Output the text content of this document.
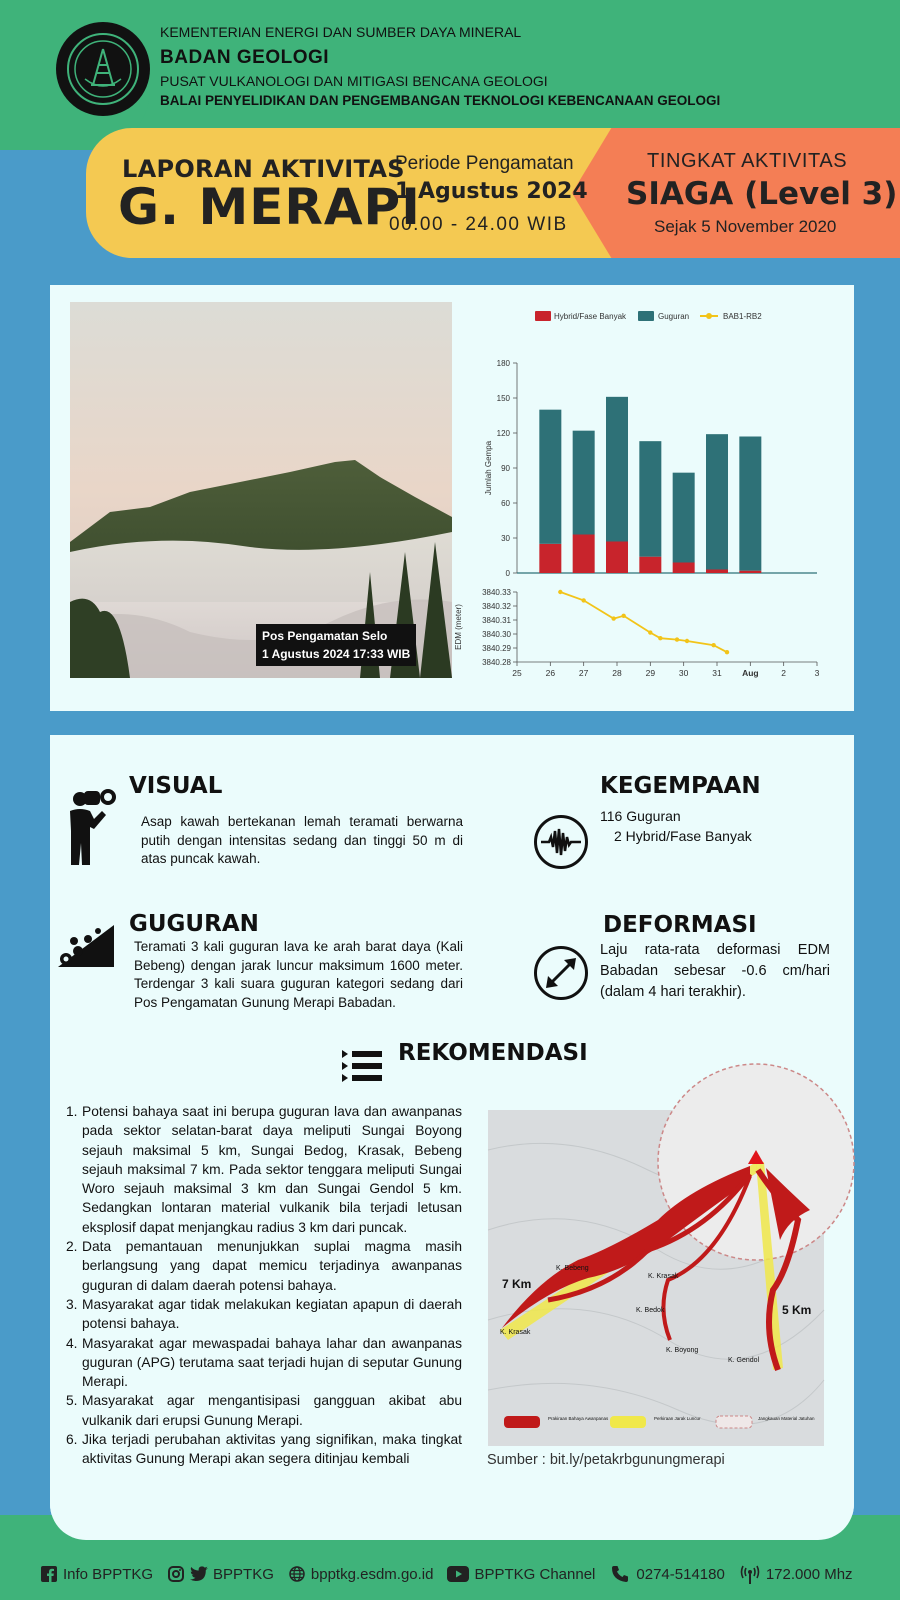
KEMENTERIAN ENERGI DAN SUMBER DAYA MINERAL
BADAN GEOLOGI
PUSAT VULKANOLOGI DAN MITIGASI BENCANA GEOLOGI
BALAI PENYELIDIKAN DAN PENGEMBANGAN TEKNOLOGI KEBENCANAAN GEOLOGI
LAPORAN AKTIVITAS
G. MERAPI
Periode Pengamatan
1 Agustus 2024
00.00 - 24.00 WIB
TINGKAT AKTIVITAS
SIAGA (Level 3)
Sejak 5 November 2020
Pos Pengamatan Selo
1 Agustus 2024 17:33 WIB
Hybrid/Fase Banyak	Guguran	BAB1-RB2
0
30
60
90
120
150
180
Jumlah Gempa
3840.28
3840.29
3840.30
3840.31
3840.32
3840.33
EDM (meter)
25	26	27	28	29	30	31 Aug	2	3
VISUAL
Asap kawah bertekanan lemah teramati berwarna putih dengan intensitas sedang dan tinggi 50 m di atas puncak kawah.
KEGEMPAAN
116 Guguran
2 Hybrid/Fase Banyak
GUGURAN
Teramati 3 kali guguran lava ke arah barat daya (Kali Bebeng) dengan jarak luncur maksimum 1600 meter. Terdengar 3 kali suara guguran kategori sedang dari Pos Pengamatan Gunung Merapi Babadan.
DEFORMASI
Laju rata-rata deformasi EDM Babadan sebesar -0.6 cm/hari (dalam 4 hari terakhir).
REKOMENDASI
1. Potensi bahaya saat ini berupa guguran lava dan awanpanas pada sektor selatan-barat daya meliputi Sungai Boyong sejauh maksimal 5 km, Sungai Bedog, Krasak, Bebeng sejauh maksimal 7 km. Pada sektor tenggara meliputi Sungai Woro sejauh maksimal 3 km dan Sungai Gendol 5 km. Sedangkan lontaran material vulkanik bila terjadi letusan eksplosif dapat menjangkau radius 3 km dari puncak.
2. Data pemantauan menunjukkan suplai magma masih berlangsung yang dapat memicu terjadinya awanpanas guguran di dalam daerah potensi bahaya.
3. Masyarakat agar tidak melakukan kegiatan apapun di daerah potensi bahaya.
4. Masyarakat agar mewaspadai bahaya lahar dan awanpanas guguran (APG) terutama saat terjadi hujan di seputar Gunung Merapi.
5. Masyarakat agar mengantisipasi gangguan akibat abu vulkanik dari erupsi Gunung Merapi.
6. Jika terjadi perubahan aktivitas yang signifikan, maka tingkat aktivitas Gunung Merapi akan segera ditinjau kembali
7 Km
5 Km
K. Bebeng
K. Krasak
K. Krasak
K. Bedok
K. Boyong
K. Gendol
Prakiraan Bahaya Awanpanas	Perkiraan Jarak Luncur	Jangkauan Material Jatuhan
Sumber : bit.ly/petakrbgunungmerapi
Info BPPTKG	BPPTKG bpptkg.esdm.go.id	BPPTKG Channel	0274-514180	172.000 Mhz
